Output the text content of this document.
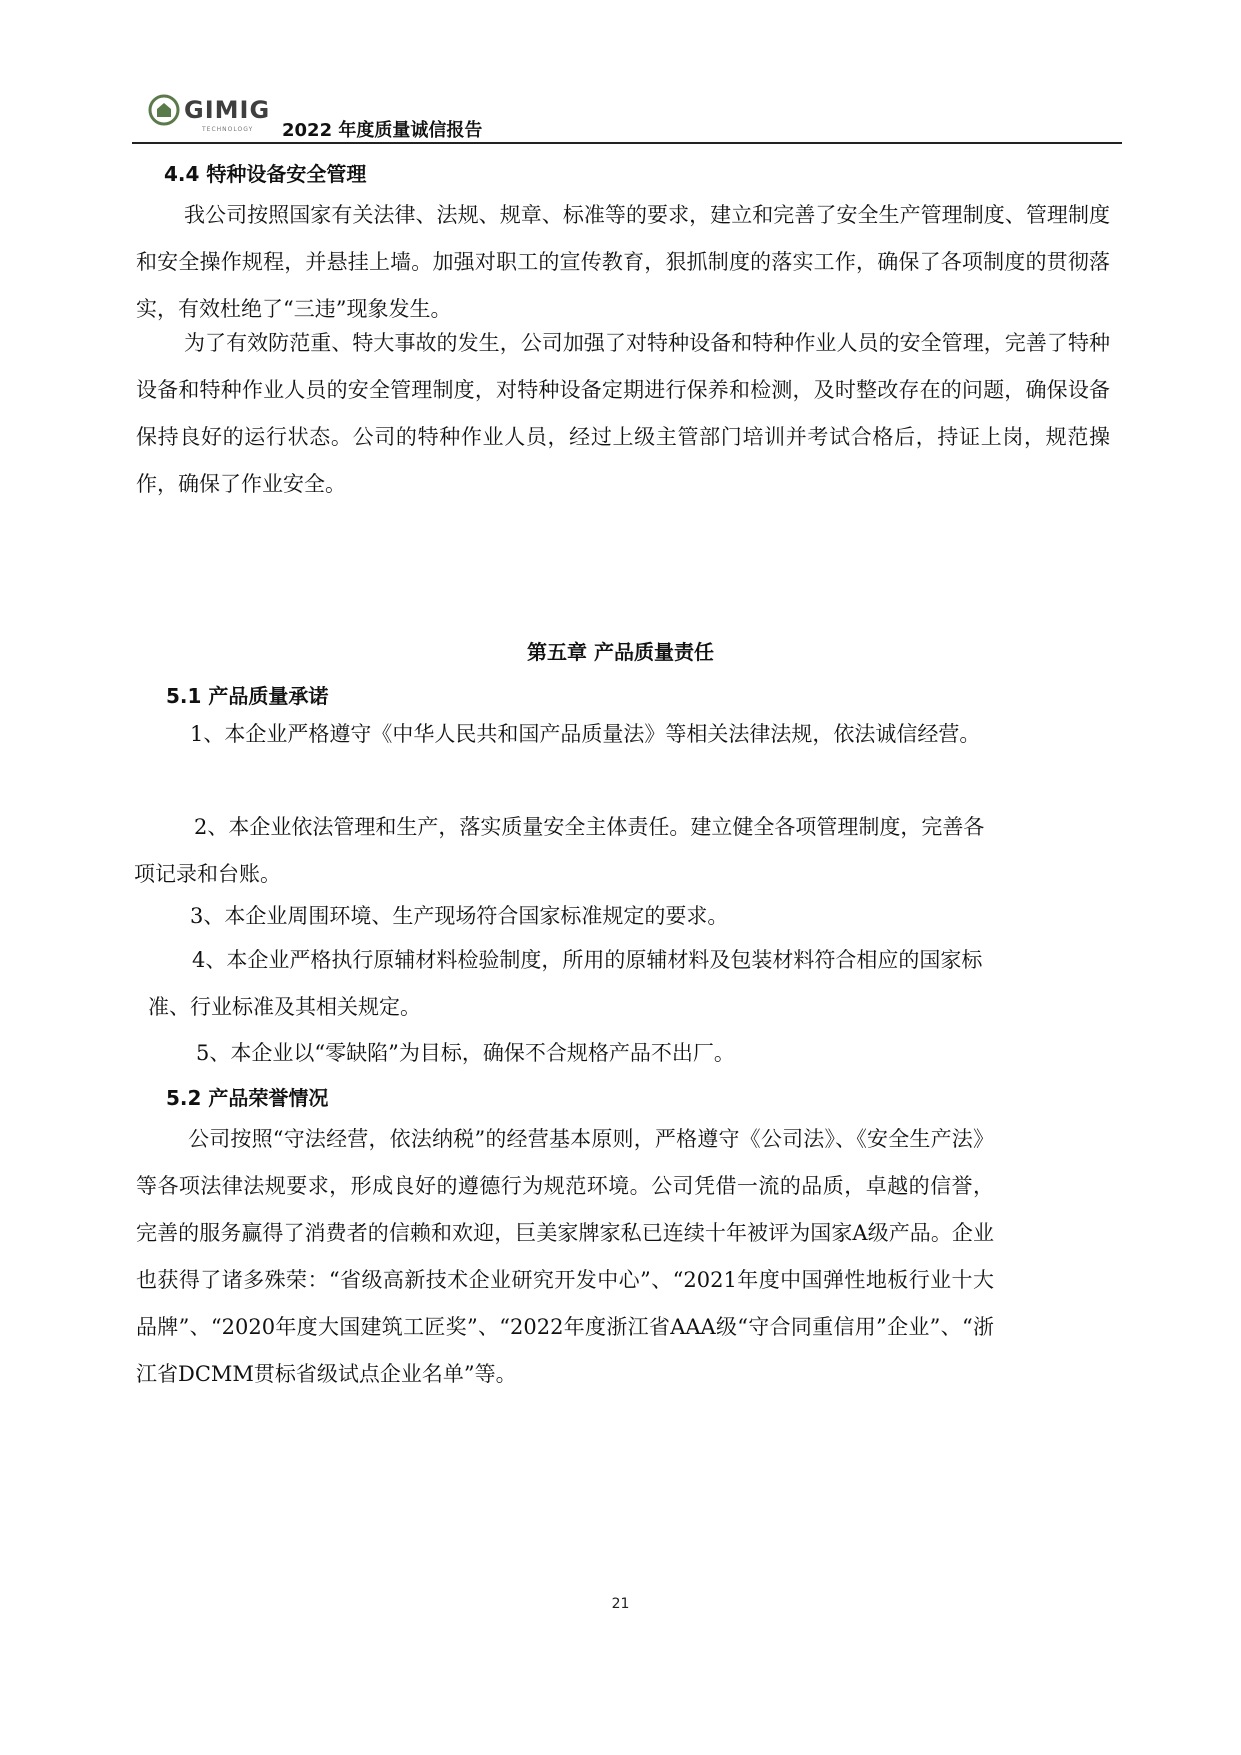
GIMIG
TECHNOLOGY 2022 年度质量诚信报告
4.4 特种设备安全管理
我公司按照国家有关法律、法规、规章、标准等的要求，建立和完善了安全生产管理制度、管理制度和安全操作规程，并悬挂上墙。加强对职工的宣传教育，狠抓制度的落实工作，确保了各项制度的贯彻落实，有效杜绝了“三违”现象发生。
为了有效防范重、特大事故的发生，公司加强了对特种设备和特种作业人员的安全管理，完善了特种设备和特种作业人员的安全管理制度，对特种设备定期进行保养和检测，及时整改存在的问题，确保设备保持良好的运行状态。公司的特种作业人员，经过上级主管部门培训并考试合格后，持证上岗，规范操作，确保了作业安全。
第五章 产品质量责任
5.1 产品质量承诺
1、本企业严格遵守《中华人民共和国产品质量法》等相关法律法规，依法诚信经营。
2、本企业依法管理和生产，落实质量安全主体责任。建立健全各项管理制度，完善各项记录和台账。
3、本企业周围环境、生产现场符合国家标准规定的要求。
4、本企业严格执行原辅材料检验制度，所用的原辅材料及包装材料符合相应的国家标准、行业标准及其相关规定。
5、本企业以“零缺陷”为目标，确保不合规格产品不出厂。
5.2 产品荣誉情况
公司按照“守法经营，依法纳税”的经营基本原则，严格遵守《公司法》、《安全生产法》等各项法律法规要求，形成良好的遵德行为规范环境。公司凭借一流的品质，卓越的信誉，完善的服务赢得了消费者的信赖和欢迎，巨美家牌家私已连续十年被评为国家A级产品。企业也获得了诸多殊荣：“省级高新技术企业研究开发中心”、“2021年度中国弹性地板行业十大品牌”、“2020年度大国建筑工匠奖”、“2022年度浙江省AAA级“守合同重信用”企业”、“浙江省DCMM贯标省级试点企业名单”等。
21
